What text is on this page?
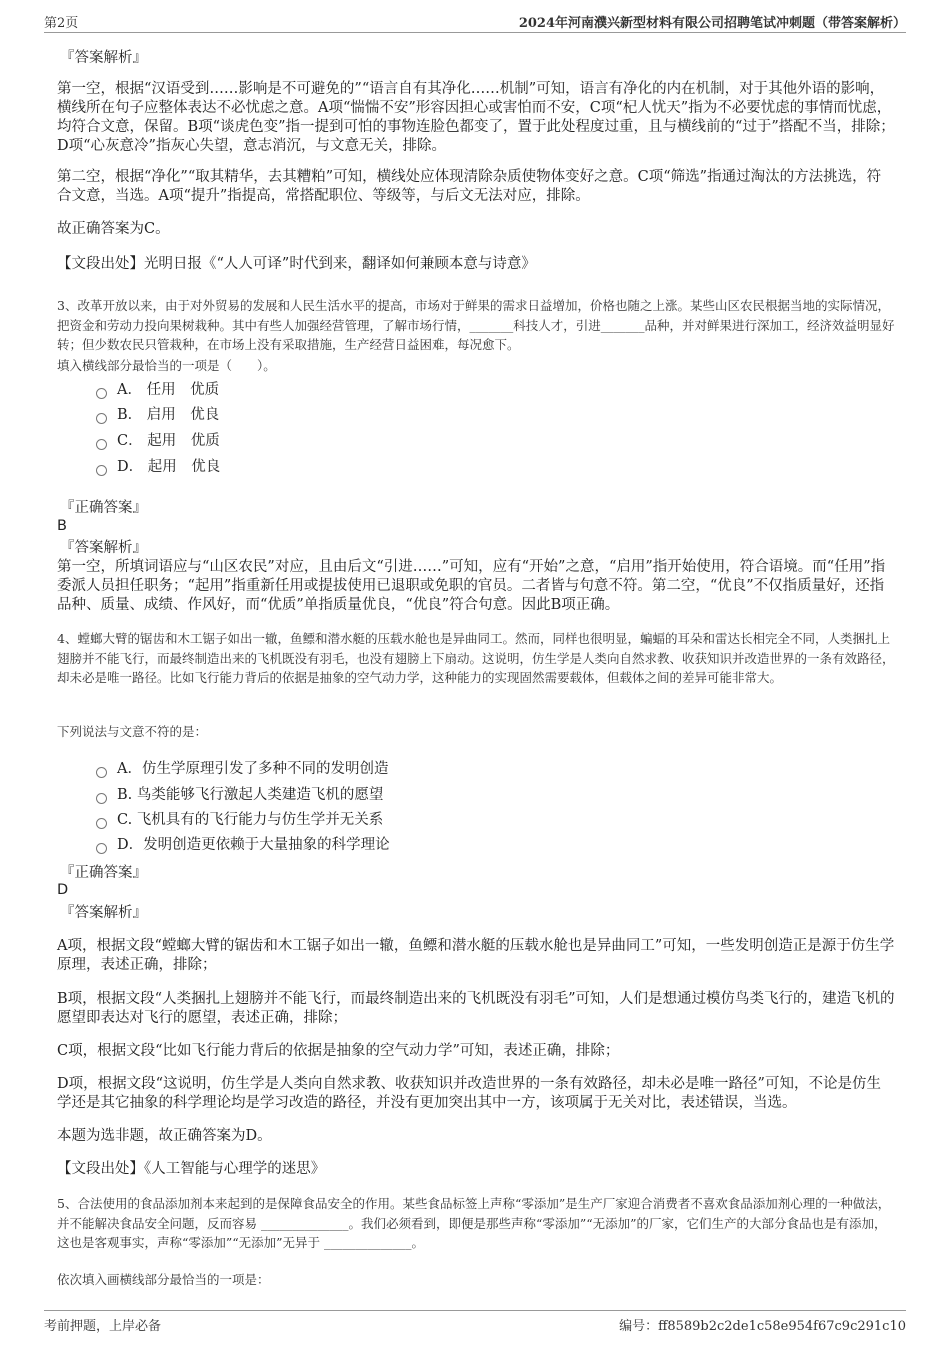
第2页	2024年河南濮兴新型材料有限公司招聘笔试冲刺题（带答案解析）
『答案解析』

第一空，根据“汉语受到……影响是不可避免的”“语言自有其净化……机制”可知，语言有净化的内在机制，对于其他外语的影响，横线所在句子应整体表达不必忧虑之意。A项“惴惴不安”形容因担心或害怕而不安，C项“杞人忧天”指为不必要忧虑的事情而忧虑，均符合文意，保留。B项“谈虎色变”指一提到可怕的事物连脸色都变了，置于此处程度过重，且与横线前的“过于”搭配不当，排除；D项“心灰意冷”指灰心失望，意志消沉，与文意无关，排除。

第二空，根据“净化”“取其精华，去其糟粕”可知，横线处应体现清除杂质使物体变好之意。C项“筛选”指通过淘汰的方法挑选，符合文意，当选。A项“提升”指提高，常搭配职位、等级等，与后文无法对应，排除。

故正确答案为C。

【文段出处】光明日报《“人人可译”时代到来，翻译如何兼顾本意与诗意》

3、改革开放以来，由于对外贸易的发展和人民生活水平的提高，市场对于鲜果的需求日益增加，价格也随之上涨。某些山区农民根据当地的实际情况，把资金和劳动力投向果树栽种。其中有些人加强经营管理，了解市场行情，_______科技人才，引进_______品种，并对鲜果进行深加工，经济效益明显好转；但少数农民只管栽种，在市场上没有采取措施，生产经营日益困难，每况愈下。

填入横线部分最恰当的一项是（　　）。

A． 任用　优质
B． 启用　优良
C． 起用　优质
D． 起用　优良
『正确答案』
B
『答案解析』

第一空，所填词语应与“山区农民”对应，且由后文“引进……”可知，应有“开始”之意，“启用”指开始使用，符合语境。而“任用”指委派人员担任职务；“起用”指重新任用或提拔使用已退职或免职的官员。二者皆与句意不符。第二空，“优良”不仅指质量好，还指品种、质量、成绩、作风好，而“优质”单指质量优良，“优良”符合句意。因此B项正确。

4、螳螂大臂的锯齿和木工锯子如出一辙，鱼鳔和潜水艇的压载水舱也是异曲同工。然而，同样也很明显，蝙蝠的耳朵和雷达长相完全不同，人类捆扎上翅膀并不能飞行，而最终制造出来的飞机既没有羽毛，也没有翅膀上下扇动。这说明，仿生学是人类向自然求教、收获知识并改造世界的一条有效路径，却未必是唯一路径。比如飞行能力背后的依据是抽象的空气动力学，这种能力的实现固然需要载体，但载体之间的差异可能非常大。

下列说法与文意不符的是：

A．仿生学原理引发了多种不同的发明创造
B. 鸟类能够飞行激起人类建造飞机的愿望
C. 飞机具有的飞行能力与仿生学并无关系
D．发明创造更依赖于大量抽象的科学理论
『正确答案』
D
『答案解析』

A项，根据文段“螳螂大臂的锯齿和木工锯子如出一辙，鱼鳔和潜水艇的压载水舱也是异曲同工”可知，一些发明创造正是源于仿生学原理，表述正确，排除；

B项，根据文段“人类捆扎上翅膀并不能飞行，而最终制造出来的飞机既没有羽毛”可知，人们是想通过模仿鸟类飞行的，建造飞机的愿望即表达对飞行的愿望，表述正确，排除；

C项，根据文段“比如飞行能力背后的依据是抽象的空气动力学”可知，表述正确，排除；

D项，根据文段“这说明，仿生学是人类向自然求教、收获知识并改造世界的一条有效路径，却未必是唯一路径”可知，不论是仿生学还是其它抽象的科学理论均是学习改造的路径，并没有更加突出其中一方，该项属于无关对比，表述错误，当选。

本题为选非题，故正确答案为D。

【文段出处】《人工智能与心理学的迷思》

5、合法使用的食品添加剂本来起到的是保障食品安全的作用。某些食品标签上声称“零添加”是生产厂家迎合消费者不喜欢食品添加剂心理的一种做法，并不能解决食品安全问题，反而容易 ______________。我们必须看到，即便是那些声称“零添加”“无添加”的厂家，它们生产的大部分食品也是有添加，这也是客观事实，声称“零添加”“无添加”无异于 ______________。

依次填入画横线部分最恰当的一项是：

考前押题，上岸必备	编号：ff8589b2c2de1c58e954f67c9c291c10
